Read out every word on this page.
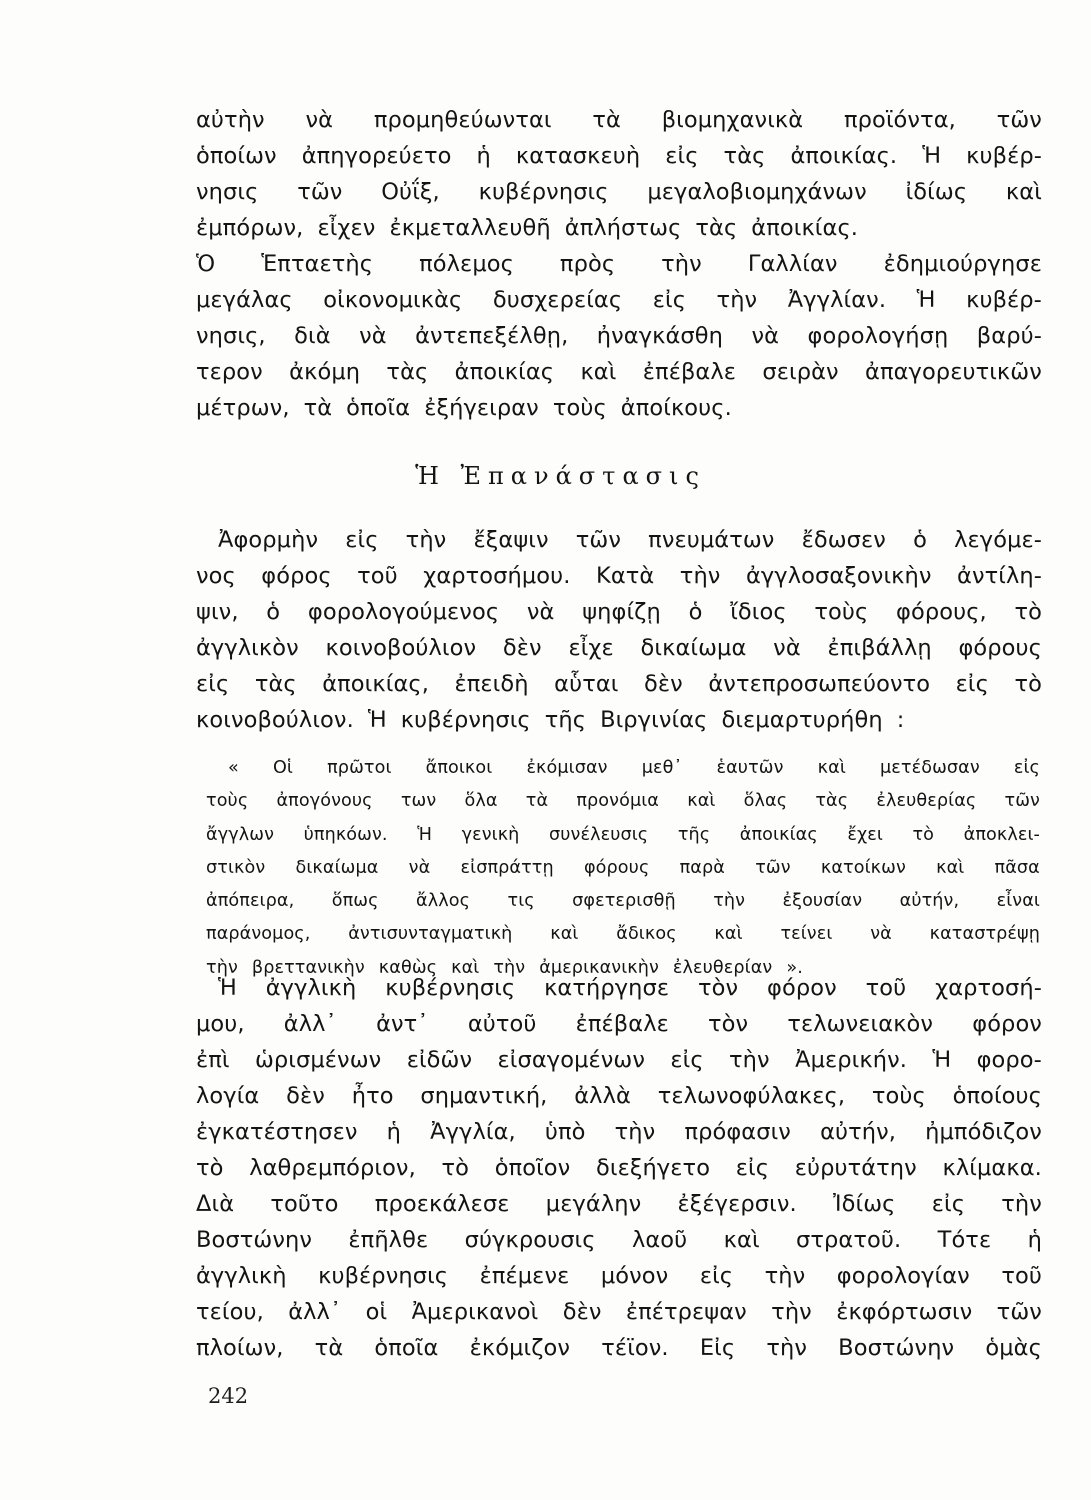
αὐτὴν νὰ προμηθεύωνται τὰ βιομηχανικὰ προϊόντα, τῶν
ὁποίων ἀπηγορεύετο ἡ κατασκευὴ εἰς τὰς ἀποικίας. Ἡ κυβέρ-
νησις τῶν Οὐΐξ, κυβέρνησις μεγαλοβιομηχάνων ἰδίως καὶ
ἐμπόρων, εἶχεν ἐκμεταλλευθῆ ἀπλήστως τὰς ἀποικίας.
Ὁ Ἑπταετὴς πόλεμος πρὸς τὴν Γαλλίαν ἐδημιούργησε
μεγάλας οἰκονομικὰς δυσχερείας εἰς τὴν Ἀγγλίαν. Ἡ κυβέρ-
νησις, διὰ νὰ ἀντεπεξέλθῃ, ἠναγκάσθη νὰ φορολογήσῃ βαρύ-
τερον ἀκόμη τὰς ἀποικίας καὶ ἐπέβαλε σειρὰν ἀπαγορευτικῶν
μέτρων, τὰ ὁποῖα ἐξήγειραν τοὺς ἀποίκους.
Ἡ Ἐπανάστασις
Ἀφορμὴν εἰς τὴν ἔξαψιν τῶν πνευμάτων ἔδωσεν ὁ λεγόμε-
νος φόρος τοῦ χαρτοσήμου. Κατὰ τὴν ἀγγλοσαξονικὴν ἀντίλη-
ψιν, ὁ φορολογούμενος νὰ ψηφίζῃ ὁ ἴδιος τοὺς φόρους, τὸ
ἀγγλικὸν κοινοβούλιον δὲν εἶχε δικαίωμα νὰ ἐπιβάλλῃ φόρους
εἰς τὰς ἀποικίας, ἐπειδὴ αὗται δὲν ἀντεπροσωπεύοντο εἰς τὸ
κοινοβούλιον. Ἡ κυβέρνησις τῆς Βιργινίας διεμαρτυρήθη :
« Οἱ πρῶτοι ἄποικοι ἐκόμισαν μεθ᾽ ἑαυτῶν καὶ μετέδωσαν εἰς
τοὺς ἀπογόνους των ὅλα τὰ προνόμια καὶ ὅλας τὰς ἐλευθερίας τῶν
ἄγγλων ὑπηκόων. Ἡ γενικὴ συνέλευσις τῆς ἀποικίας ἔχει τὸ ἀποκλει-
στικὸν δικαίωμα νὰ εἰσπράττῃ φόρους παρὰ τῶν κατοίκων καὶ πᾶσα
ἀπόπειρα, ὅπως ἄλλος τις σφετερισθῇ τὴν ἐξουσίαν αὐτήν, εἶναι
παράνομος, ἀντισυνταγματικὴ καὶ ἄδικος καὶ τείνει νὰ καταστρέψῃ
τὴν βρεττανικὴν καθὼς καὶ τὴν ἀμερικανικὴν ἐλευθερίαν ».
Ἡ ἀγγλικὴ κυβέρνησις κατήργησε τὸν φόρον τοῦ χαρτοσή-
μου, ἀλλ᾽ ἀντ᾽ αὐτοῦ ἐπέβαλε τὸν τελωνειακὸν φόρον
ἐπὶ ὡρισμένων εἰδῶν εἰσαγομένων εἰς τὴν Ἀμερικήν. Ἡ φορο-
λογία δὲν ἦτο σημαντική, ἀλλὰ τελωνοφύλακες, τοὺς ὁποίους
ἐγκατέστησεν ἡ Ἀγγλία, ὑπὸ τὴν πρόφασιν αὐτήν, ἠμπόδιζον
τὸ λαθρεμπόριον, τὸ ὁποῖον διεξήγετο εἰς εὐρυτάτην κλίμακα.
Διὰ τοῦτο προεκάλεσε μεγάλην ἐξέγερσιν. Ἰδίως εἰς τὴν
Βοστώνην ἐπῆλθε σύγκρουσις λαοῦ καὶ στρατοῦ. Τότε ἡ
ἀγγλικὴ κυβέρνησις ἐπέμενε μόνον εἰς τὴν φορολογίαν τοῦ
τείου, ἀλλ᾽ οἱ Ἀμερικανοὶ δὲν ἐπέτρεψαν τὴν ἐκφόρτωσιν τῶν
πλοίων, τὰ ὁποῖα ἐκόμιζον τέϊον. Εἰς τὴν Βοστώνην ὁμὰς
242
